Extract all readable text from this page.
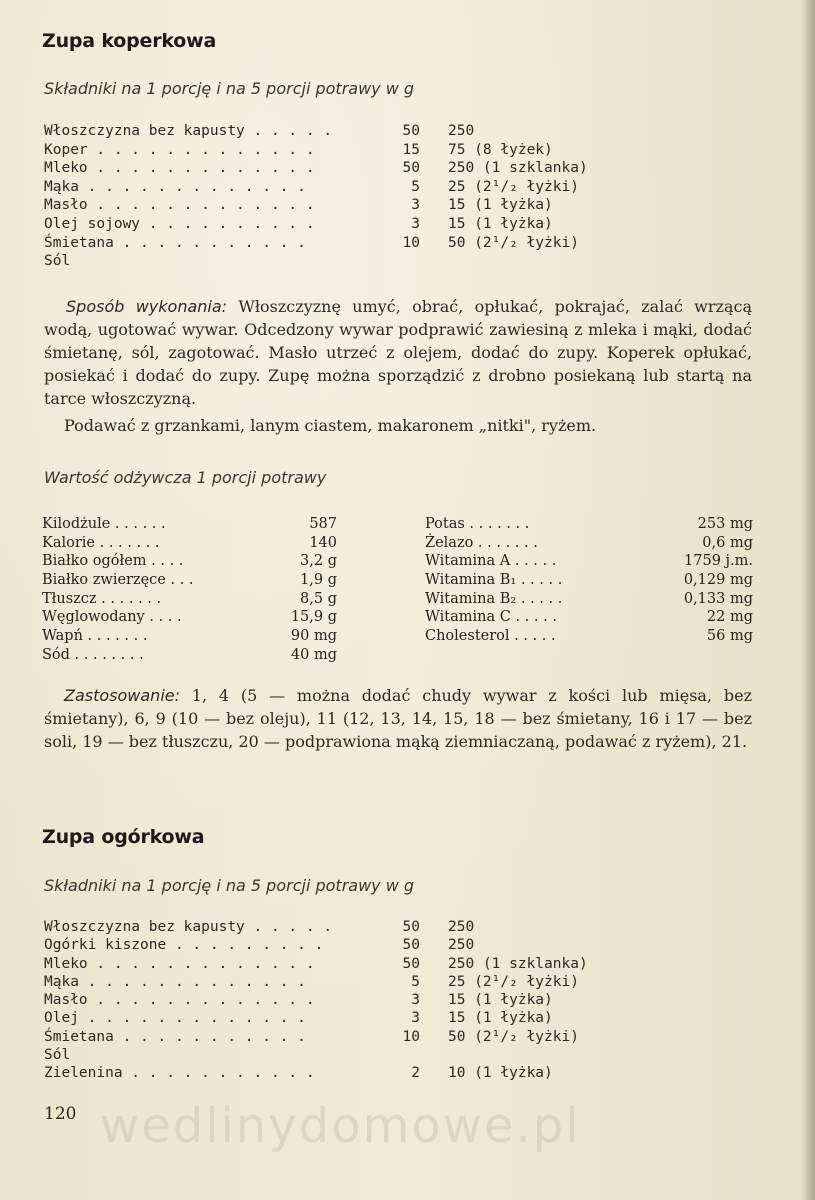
wedlinydomowe.pl
Zupa koperkowa
Składniki na 1 porcję i na 5 porcji potrawy w g
Włoszczyzna bez kapusty . . . . .	50 250
Koper . . . . . . . . . . . . .	15 75 (8 łyżek)
Mleko . . . . . . . . . . . . .	50 250 (1 szklanka)
Mąka . . . . . . . . . . . . .	5 25 (2¹/₂ łyżki)
Masło . . . . . . . . . . . . .	3 15 (1 łyżka)
Olej sojowy . . . . . . . . . .	3 15 (1 łyżka)
Śmietana . . . . . . . . . . .	10 50 (2¹/₂ łyżki)
Sól
Sposób wykonania: Włoszczyznę umyć, obrać, opłukać, pokrajać, zalać wrzącą wodą, ugotować wywar. Odcedzony wywar podprawić zawiesiną z mleka i mąki, dodać śmietanę, sól, zagotować. Masło utrzeć z olejem, dodać do zupy. Koperek opłukać, posiekać i dodać do zupy. Zupę można sporządzić z drobno posiekaną lub startą na tarce włoszczyzną.
Podawać z grzankami, lanym ciastem, makaronem „nitki", ryżem.
Wartość odżywcza 1 porcji potrawy
Kilodżule . . . . . .	587
Kalorie . . . . . . .	140
Białko ogółem . . . .	3,2 g
Białko zwierzęce . . .	1,9 g
Tłuszcz . . . . . . .	8,5 g
Węglowodany . . . .	15,9 g
Wapń . . . . . . .	90 mg
Sód . . . . . . . .	40 mg
Potas . . . . . . .	253 mg
Żelazo . . . . . . .	0,6 mg
Witamina A . . . . .	1759 j.m.
Witamina B₁ . . . . .	0,129 mg
Witamina B₂ . . . . .	0,133 mg
Witamina C . . . . .	22 mg
Cholesterol . . . . .	56 mg
Zastosowanie: 1, 4 (5 — można dodać chudy wywar z kości lub mięsa, bez śmietany), 6, 9 (10 — bez oleju), 11 (12, 13, 14, 15, 18 — bez śmietany, 16 i 17 — bez soli, 19 — bez tłuszczu, 20 — podprawiona mąką ziemniaczaną, podawać z ryżem), 21.
Zupa ogórkowa
Składniki na 1 porcję i na 5 porcji potrawy w g
Włoszczyzna bez kapusty . . . . .	50 250
Ogórki kiszone . . . . . . . . .	50 250
Mleko . . . . . . . . . . . . .	50 250 (1 szklanka)
Mąka . . . . . . . . . . . . .	5 25 (2¹/₂ łyżki)
Masło . . . . . . . . . . . . .	3 15 (1 łyżka)
Olej . . . . . . . . . . . . .	3 15 (1 łyżka)
Śmietana . . . . . . . . . . .	10 50 (2¹/₂ łyżki)
Sól
Zielenina . . . . . . . . . . .	2 10 (1 łyżka)
120
